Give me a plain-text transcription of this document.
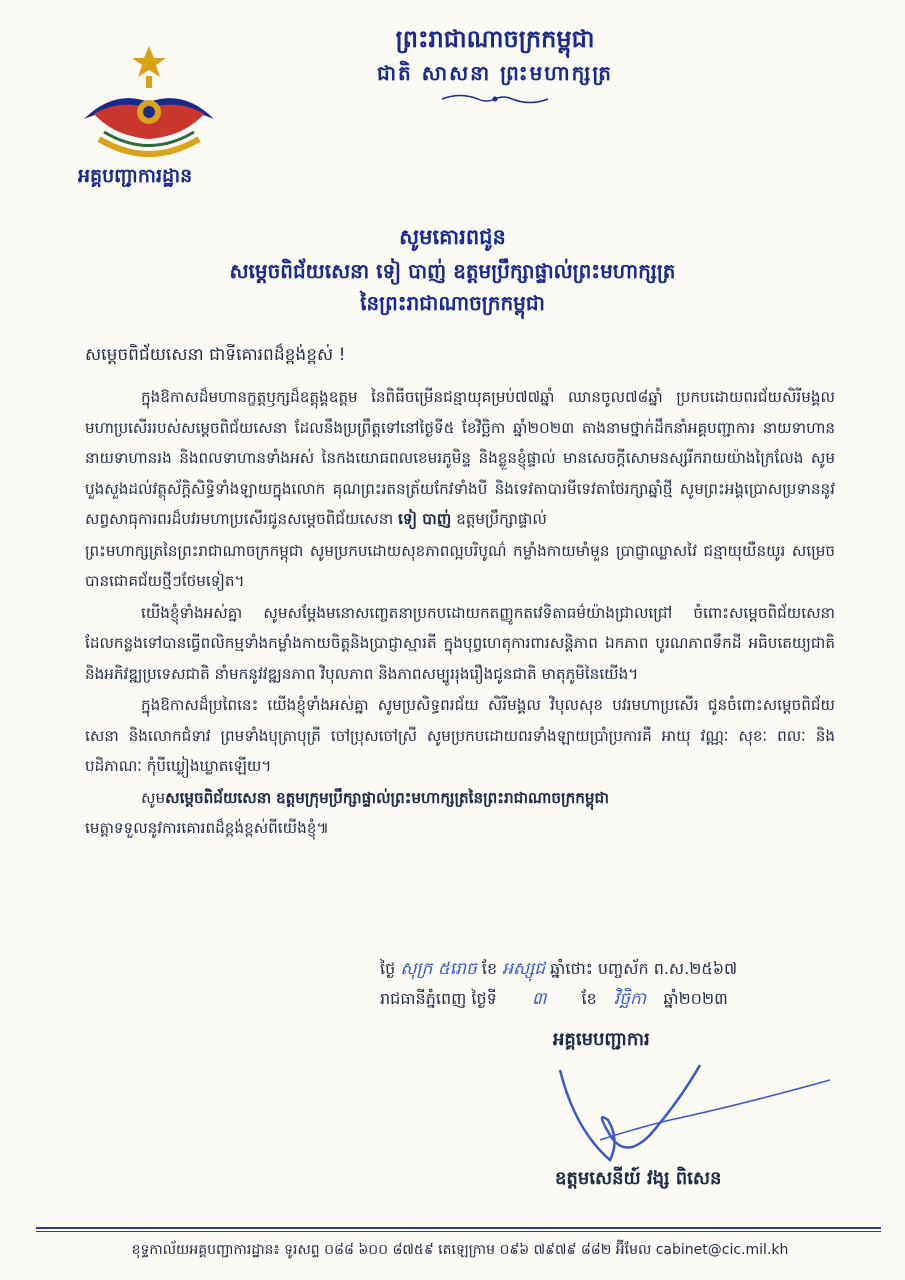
អគ្គបញ្ជាការដ្ឋាន
ព្រះរាជាណាចក្រកម្ពុជា
ជាតិ សាសនា ព្រះមហាក្សត្រ
សូមគោរពជូន
សម្ដេចពិជ័យសេនា ទៀ បាញ់ ឧត្តមប្រឹក្សាផ្ទាល់ព្រះមហាក្សត្រ
នៃព្រះរាជាណាចក្រកម្ពុជា
សម្ដេចពិជ័យសេនា ជាទីគោរពដ៏ខ្ពង់ខ្ពស់ !

ក្នុងឱកាសដ៏មហានក្ខត្តឫក្សដ៏ឧត្តុង្គឧត្តម នៃពិធីចម្រើនជន្មាយុគម្រប់៧៧ឆ្នាំ ឈានចូល៧៨ឆ្នាំ ប្រកបដោយពរជ័យសិរីមង្គលមហាប្រសើររបស់សម្ដេចពិជ័យសេនា ដែលនឹងប្រព្រឹត្តទៅនៅថ្ងៃទី៥ ខែវិច្ឆិកា ឆ្នាំ២០២៣ តាងនាមថ្នាក់ដឹកនាំអគ្គបញ្ជាការ នាយទាហាន នាយទាហានរង និងពលទាហានទាំងអស់ នៃកងយោធពលខេមរភូមិន្ទ និងខ្លួនខ្ញុំផ្ទាល់ មានសេចក្ដីសោមនស្សរីករាយយ៉ាងក្រៃលែង សូមបួងសួងដល់វត្ថុស័ក្ដិសិទ្ធិទាំងឡាយក្នុងលោក គុណព្រះរតនត្រ័យកែវទាំងបី និងទេវតាបារមីទេវតាថែរក្សាឆ្នាំថ្មី សូមព្រះអង្គប្រោសប្រទាននូវសព្វសាធុការពរដ៏បវរមហាប្រសើរជូនសម្ដេចពិជ័យសេនា ទៀ បាញ់ ឧត្តមប្រឹក្សាផ្ទាល់

ព្រះមហាក្សត្រនៃព្រះរាជាណាចក្រកម្ពុជា សូមប្រកបដោយសុខភាពល្អបរិបូណ៌ កម្លាំងកាយមាំមួន ប្រាជ្ញាឈ្លាសវៃ ជន្មាយុយឺនយូរ សម្រេចបានជោគជ័យថ្មីៗថែមទៀត។

យើងខ្ញុំទាំងអស់គ្នា សូមសម្ដែងមនោសញ្ចេតនាប្រកបដោយកតញ្ញូកតវេទិតាធម៌យ៉ាងជ្រាលជ្រៅ ចំពោះសម្ដេចពិជ័យសេនា ដែលកន្លងទៅបានធ្វើពលិកម្មទាំងកម្លាំងកាយចិត្តនិងប្រាជ្ញាស្មារតី ក្នុងបុព្វហេតុការពារសន្តិភាព ឯកភាព បូរណភាពទឹកដី អធិបតេយ្យជាតិ និងអភិវឌ្ឍប្រទេសជាតិ នាំមកនូវវឌ្ឍនភាព វិបុលភាព និងភាពសម្បូររុងរឿងជូនជាតិ មាតុភូមិនៃយើង។

ក្នុងឱកាសដ៏ប្រពៃនេះ យើងខ្ញុំទាំងអស់គ្នា សូមប្រសិទ្ធពរជ័យ សិរីមង្គល វិបុលសុខ បវរមហាប្រសើរ ជូនចំពោះសម្ដេចពិជ័យសេនា និងលោកជំទាវ ព្រមទាំងបុត្រាបុត្រី ចៅប្រុសចៅស្រី សូមប្រកបដោយពរទាំងឡាយប្រាំប្រការគឺ អាយុ វណ្ណៈ សុខៈ ពលៈ និងបដិភាណៈ កុំបីឃ្លៀងឃ្លាតឡើយ។

សូមសម្ដេចពិជ័យសេនា ឧត្តមក្រុមប្រឹក្សាផ្ទាល់ព្រះមហាក្សត្រនៃព្រះរាជាណាចក្រកម្ពុជា
មេត្តាទទួលនូវការគោរពដ៏ខ្ពង់ខ្ពស់ពីយើងខ្ញុំ៕

ថ្ងៃ សុក្រ ៥រោច ខែ អស្សុជ ឆ្នាំថោះ បញ្ចស័ក ព.ស.២៥៦៧
រាជធានីភ្នំពេញ ថ្ងៃទី ៣ ខែ វិច្ឆិកា ឆ្នាំ២០២៣
អគ្គមេបញ្ជាការ
ឧត្តមសេនីយ៍ វង្ស ពិសេន
ខុទ្ទកាល័យអគ្គបញ្ជាការដ្ឋាន៖ ទូរសព្ទ ០៨៨ ៦០០ ៨៧៥៩ តេឡេក្រាម ០៩៦ ៧៩៧៩ ៨៨២ អ៊ីមែល cabinet@cic.mil.kh
